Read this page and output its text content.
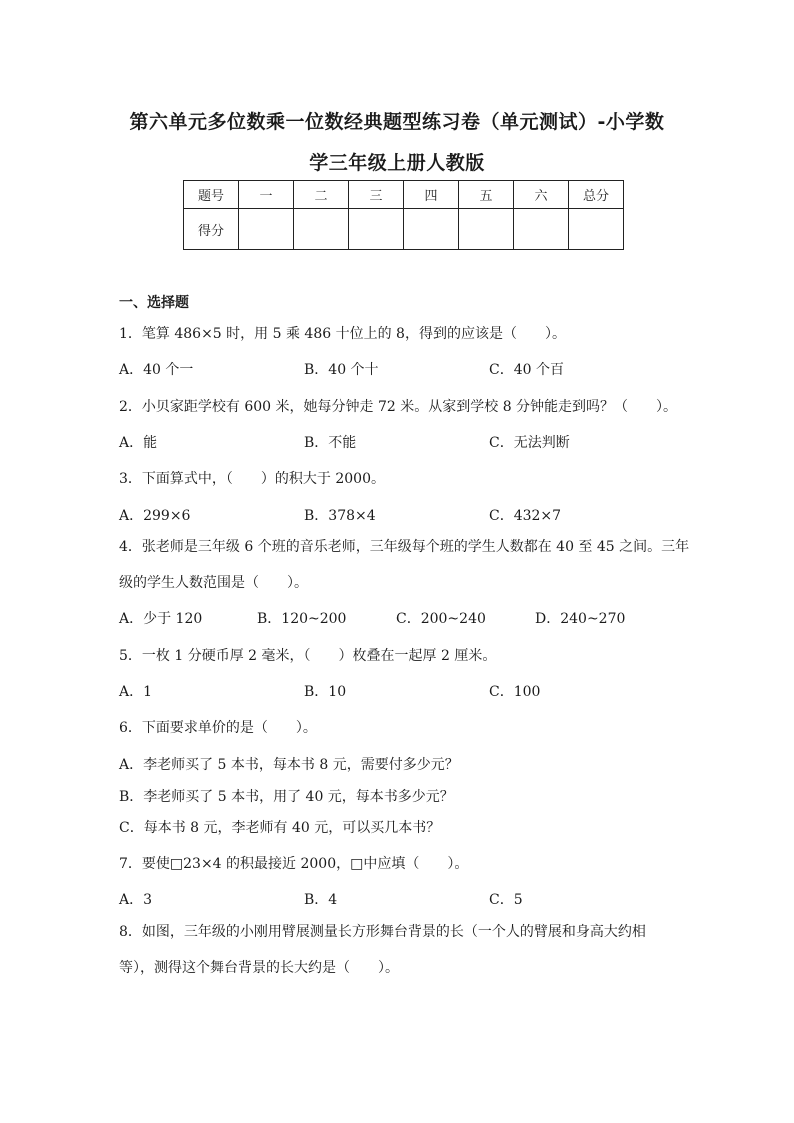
第六单元多位数乘一位数经典题型练习卷（单元测试）-小学数
学三年级上册人教版
题号	一	二	三	四	五	六	总分
得分							
一、选择题
1．笔算 486×5 时，用 5 乘 486 十位上的 8，得到的应该是（　　）。
A．40 个一	B．40 个十	C．40 个百
2．小贝家距学校有 600 米，她每分钟走 72 米。从家到学校 8 分钟能走到吗？（　　）。
A．能	B．不能	C．无法判断
3．下面算式中，（　　）的积大于 2000。
A．299×6	B．378×4	C．432×7
4．张老师是三年级 6 个班的音乐老师，三年级每个班的学生人数都在 40 至 45 之间。三年
级的学生人数范围是（　　）。
A．少于 120	B．120~200	C．200~240	D．240~270
5．一枚 1 分硬币厚 2 毫米，（　　）枚叠在一起厚 2 厘米。
A．1	B．10	C．100
6．下面要求单价的是（　　）。
A．李老师买了 5 本书，每本书 8 元，需要付多少元？
B．李老师买了 5 本书，用了 40 元，每本书多少元？
C．每本书 8 元，李老师有 40 元，可以买几本书？
7．要使□23×4 的积最接近 2000，□中应填（　　）。
A．3	B．4	C．5
8．如图，三年级的小刚用臂展测量长方形舞台背景的长（一个人的臂展和身高大约相
等），测得这个舞台背景的长大约是（　　）。
